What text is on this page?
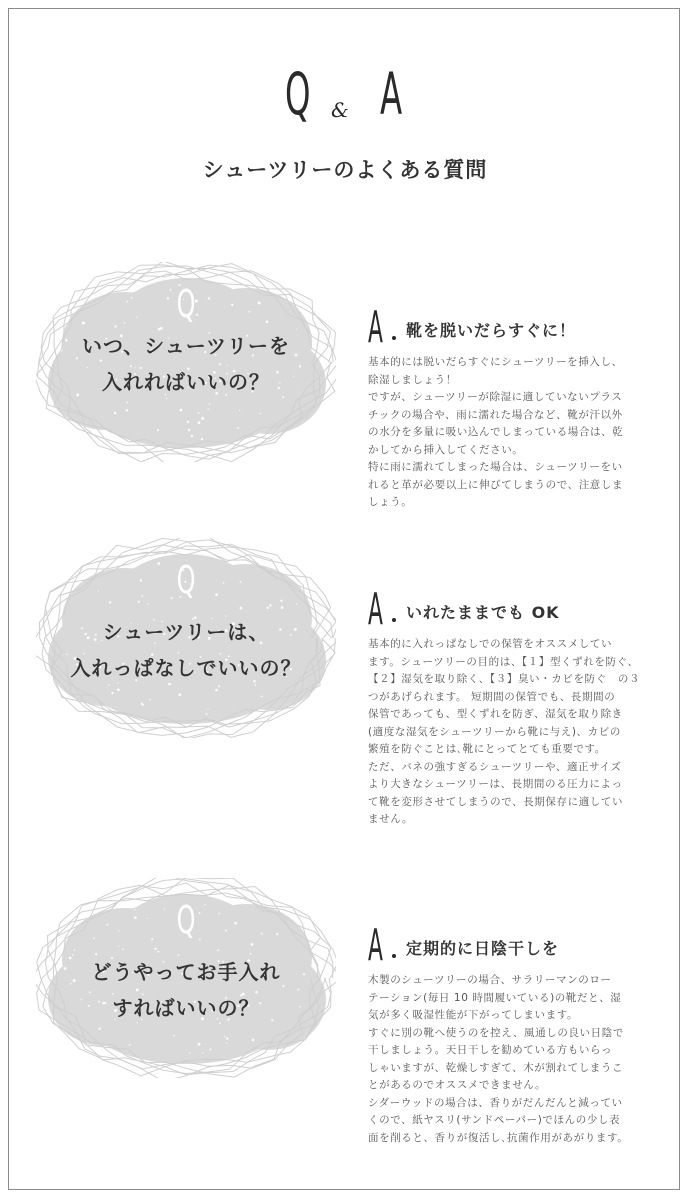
Q & A
シューツリーのよくある質問
Q
いつ、シューツリーを
入れればいいの？
A 靴を脱いだらすぐに！

基本的には脱いだらすぐにシューツリーを挿入し、

除湿しましょう！

ですが、シューツリーが除湿に適していないプラス

チックの場合や、雨に濡れた場合など、靴が汗以外

の水分を多量に吸い込んでしまっている場合は、乾

かしてから挿入してください。

特に雨に濡れてしまった場合は、シューツリーをい

れると革が必要以上に伸びてしまうので、注意しま

しょう。

Q
シューツリーは、
入れっぱなしでいいの？
A いれたままでも OK

基本的に入れっぱなしでの保管をオススメしてい

ます。シューツリーの目的は、【１】型くずれを防ぐ、

【２】湿気を取り除く、【３】臭い・カビを防ぐ　の３

つがあげられます。 短期間の保管でも、長期間の

保管であっても、型くずれを防ぎ、湿気を取り除き

(適度な湿気をシューツリーから靴に与え)、カビの

繁殖を防ぐことは､靴にとってとても重要です。

ただ、バネの強すぎるシューツリーや、適正サイズ

より大きなシューツリーは、長期間のる圧力によっ

て靴を変形させてしまうので、長期保存に適してい

ません。

Q
どうやってお手入れ
すればいいの？
A 定期的に日陰干しを

木製のシューツリーの場合、サラリーマンのロー

テーション(毎日 10 時間履いている)の靴だと、湿

気が多く吸湿性能が下がってしまいます。

すぐに別の靴へ使うのを控え、風通しの良い日陰で

干しましょう。天日干しを勧めている方もいらっ

しゃいますが、乾燥しすぎて、木が割れてしまうこ

とがあるのでオススメできません。

シダーウッドの場合は、香りがだんだんと減ってい

くので、紙ヤスリ(サンドペーパー)でほんの少し表

面を削ると、香りが復活し､抗菌作用があがります。
